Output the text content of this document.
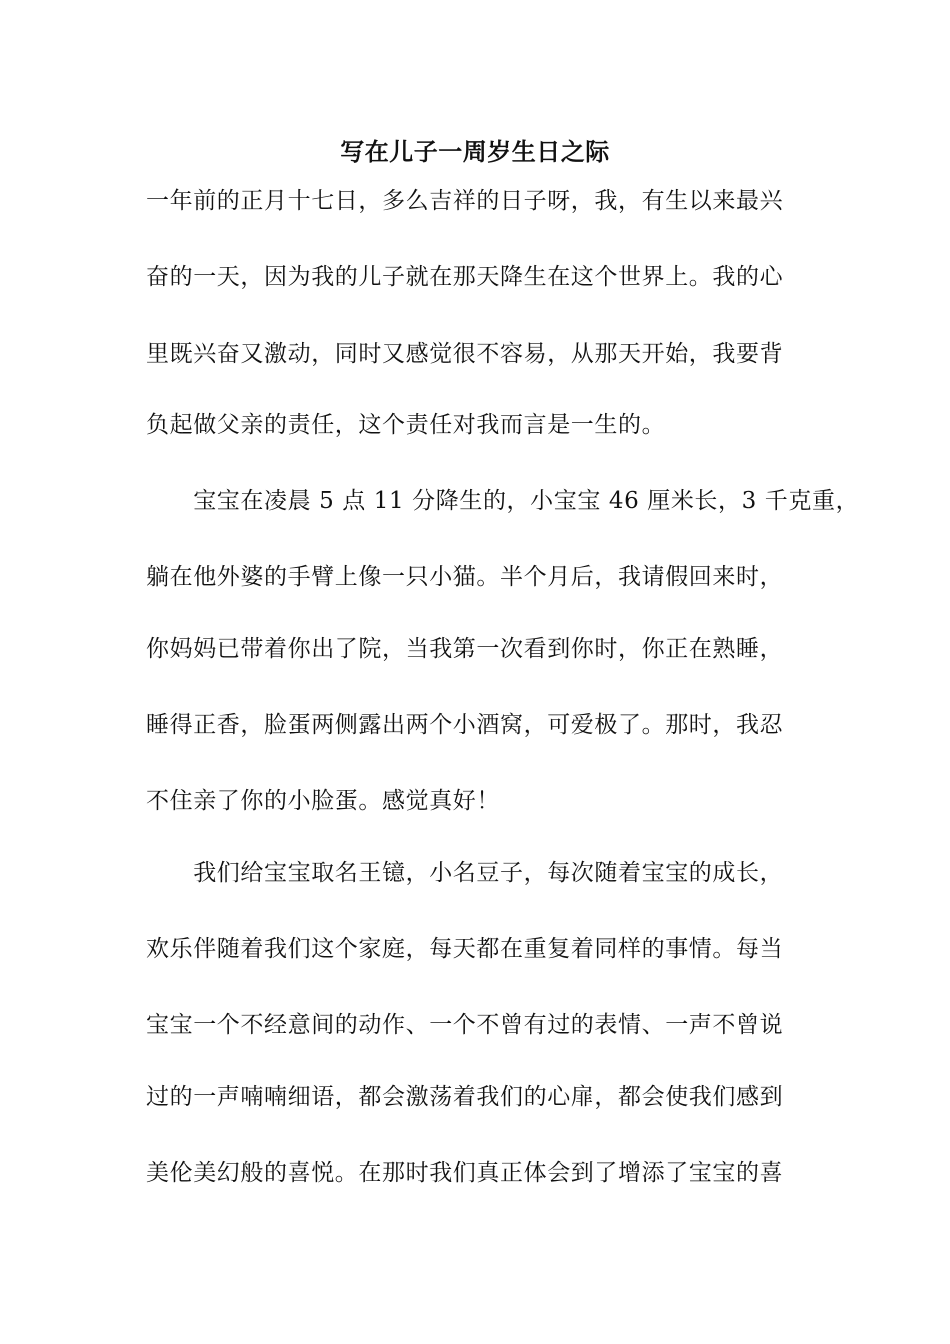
写在儿子一周岁生日之际
一年前的正月十七日，多么吉祥的日子呀，我，有生以来最兴
奋的一天，因为我的儿子就在那天降生在这个世界上。我的心
里既兴奋又激动，同时又感觉很不容易，从那天开始，我要背
负起做父亲的责任，这个责任对我而言是一生的。
　　宝宝在凌晨 5 点 11 分降生的，小宝宝 46 厘米长，3 千克重，
躺在他外婆的手臂上像一只小猫。半个月后，我请假回来时，
你妈妈已带着你出了院，当我第一次看到你时，你正在熟睡，
睡得正香，脸蛋两侧露出两个小酒窝，可爱极了。那时，我忍
不住亲了你的小脸蛋。感觉真好！
　　我们给宝宝取名王镱，小名豆子，每次随着宝宝的成长，
欢乐伴随着我们这个家庭，每天都在重复着同样的事情。每当
宝宝一个不经意间的动作、一个不曾有过的表情、一声不曾说
过的一声喃喃细语，都会激荡着我们的心扉，都会使我们感到
美伦美幻般的喜悦。在那时我们真正体会到了增添了宝宝的喜
